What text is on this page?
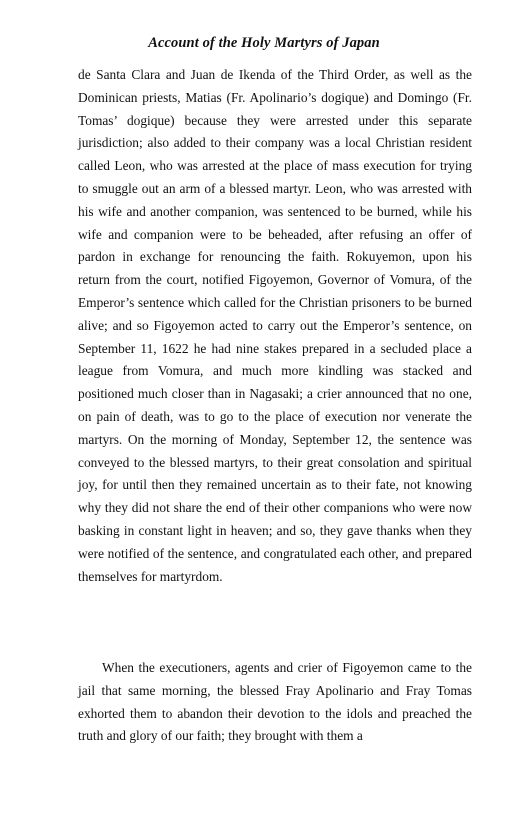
Account of the Holy Martyrs of Japan

de Santa Clara and Juan de Ikenda of the Third Order, as well as the Dominican priests, Matias (Fr. Apolinario’s dogique) and Domingo (Fr. Tomas’ dogique) because they were arrested under this separate jurisdiction; also added to their company was a local Christian resident called Leon, who was arrested at the place of mass execution for trying to smuggle out an arm of a blessed martyr. Leon, who was arrested with his wife and another companion, was sentenced to be burned, while his wife and companion were to be beheaded, after refusing an offer of pardon in exchange for renouncing the faith. Rokuyemon, upon his return from the court, notified Figoyemon, Governor of Vomura, of the Emperor’s sentence which called for the Christian prisoners to be burned alive; and so Figoyemon acted to carry out the Emperor’s sentence, on September 11, 1622 he had nine stakes prepared in a secluded place a league from Vomura, and much more kindling was stacked and positioned much closer than in Nagasaki; a crier announced that no one, on pain of death, was to go to the place of execution nor venerate the martyrs. On the morning of Monday, September 12, the sentence was conveyed to the blessed martyrs, to their great consolation and spiritual joy, for until then they remained uncertain as to their fate, not knowing why they did not share the end of their other companions who were now basking in constant light in heaven; and so, they gave thanks when they were notified of the sentence, and congratulated each other, and prepared themselves for martyrdom.

When the executioners, agents and crier of Figoyemon came to the jail that same morning, the blessed Fray Apolinario and Fray Tomas exhorted them to abandon their devotion to the idols and preached the truth and glory of our faith; they brought with them a
